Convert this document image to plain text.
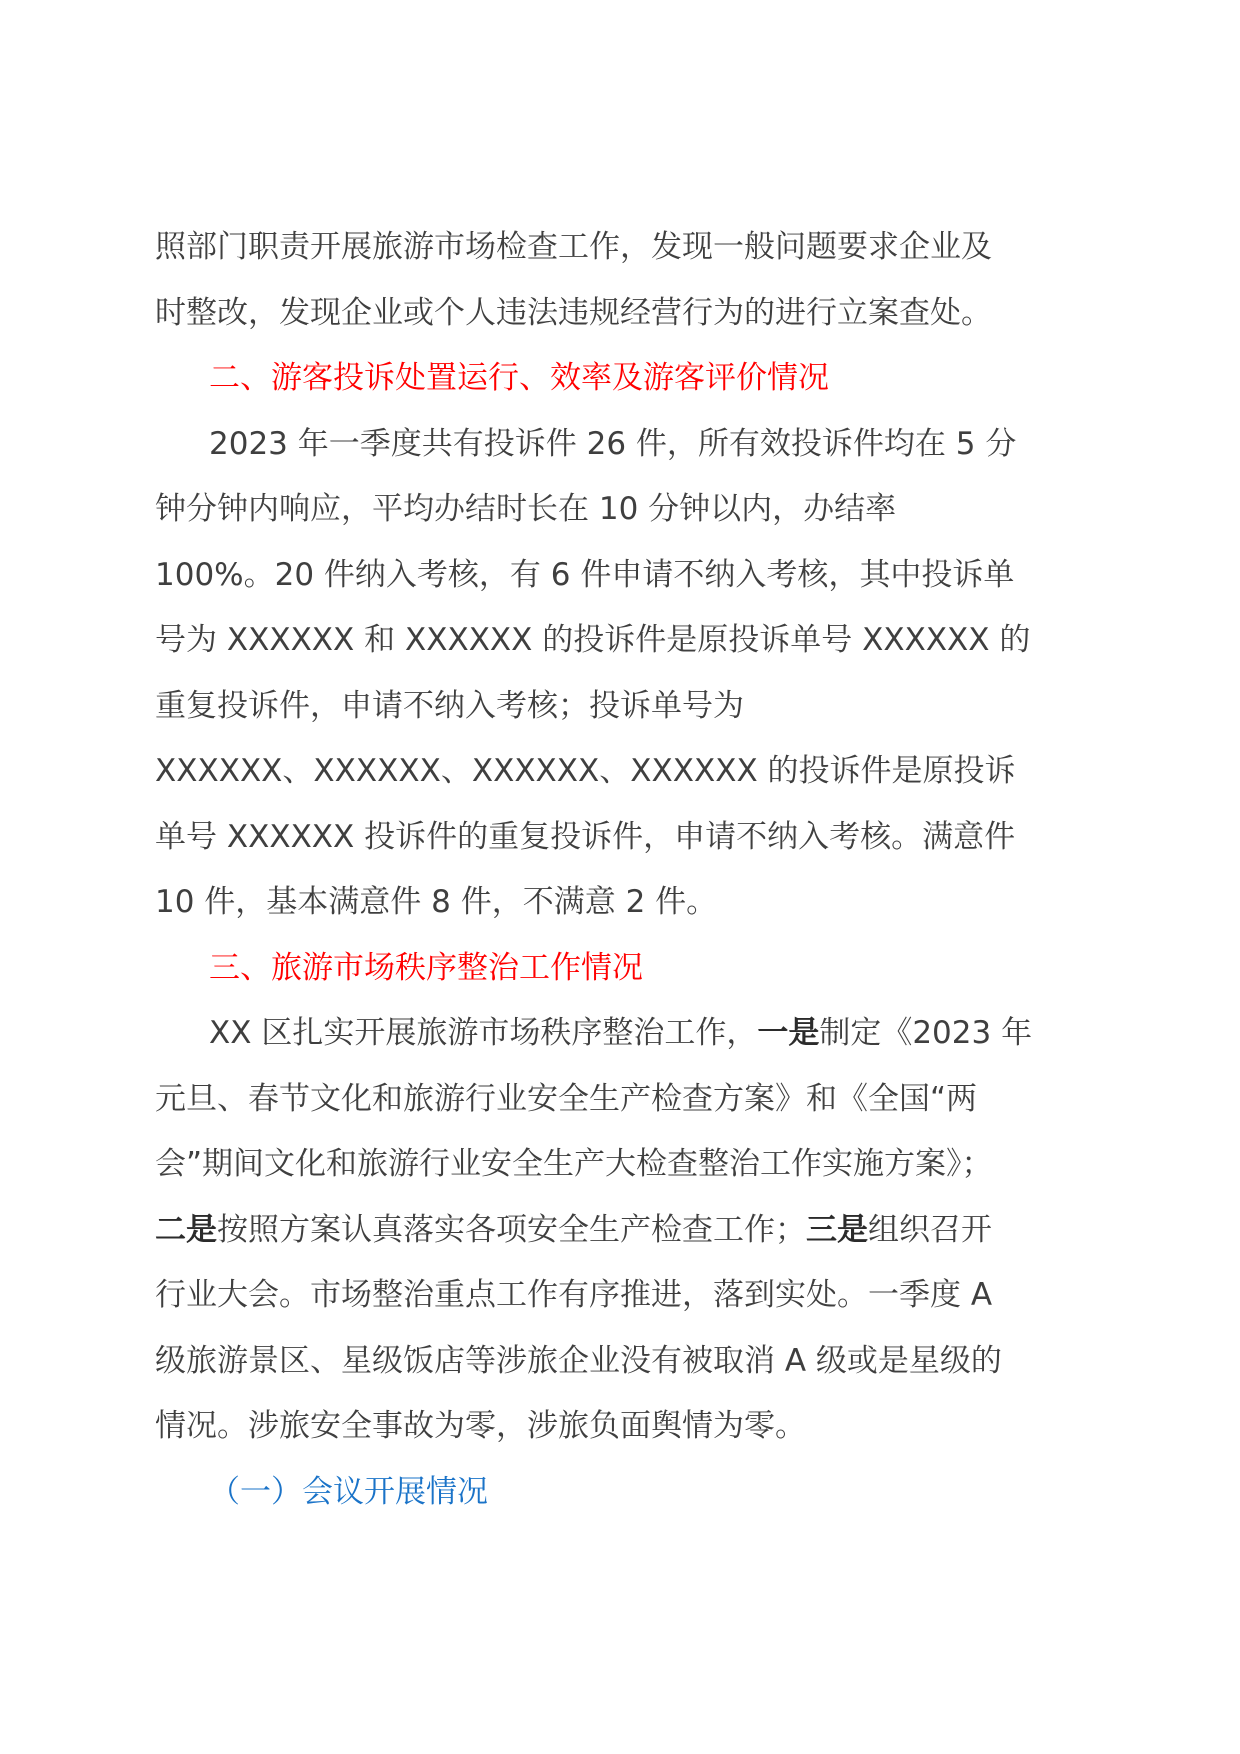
照部门职责开展旅游市场检查工作，发现一般问题要求企业及
时整改，发现企业或个人违法违规经营行为的进行立案查处。
二、游客投诉处置运行、效率及游客评价情况
2023 年一季度共有投诉件 26 件，所有效投诉件均在 5 分
钟分钟内响应，平均办结时长在 10 分钟以内，办结率
100%。20 件纳入考核，有 6 件申请不纳入考核，其中投诉单
号为 XXXXXX 和 XXXXXX 的投诉件是原投诉单号 XXXXXX 的
重复投诉件，申请不纳入考核；投诉单号为
XXXXXX、XXXXXX、XXXXXX、XXXXXX 的投诉件是原投诉
单号 XXXXXX 投诉件的重复投诉件，申请不纳入考核。满意件
10 件，基本满意件 8 件，不满意 2 件。
三、旅游市场秩序整治工作情况
XX 区扎实开展旅游市场秩序整治工作，一是制定《2023 年
元旦、春节文化和旅游行业安全生产检查方案》和《全国“两
会”期间文化和旅游行业安全生产大检查整治工作实施方案》；
二是按照方案认真落实各项安全生产检查工作；三是组织召开
行业大会。市场整治重点工作有序推进，落到实处。一季度 A
级旅游景区、星级饭店等涉旅企业没有被取消 A 级或是星级的
情况。涉旅安全事故为零，涉旅负面舆情为零。
（一）会议开展情况
